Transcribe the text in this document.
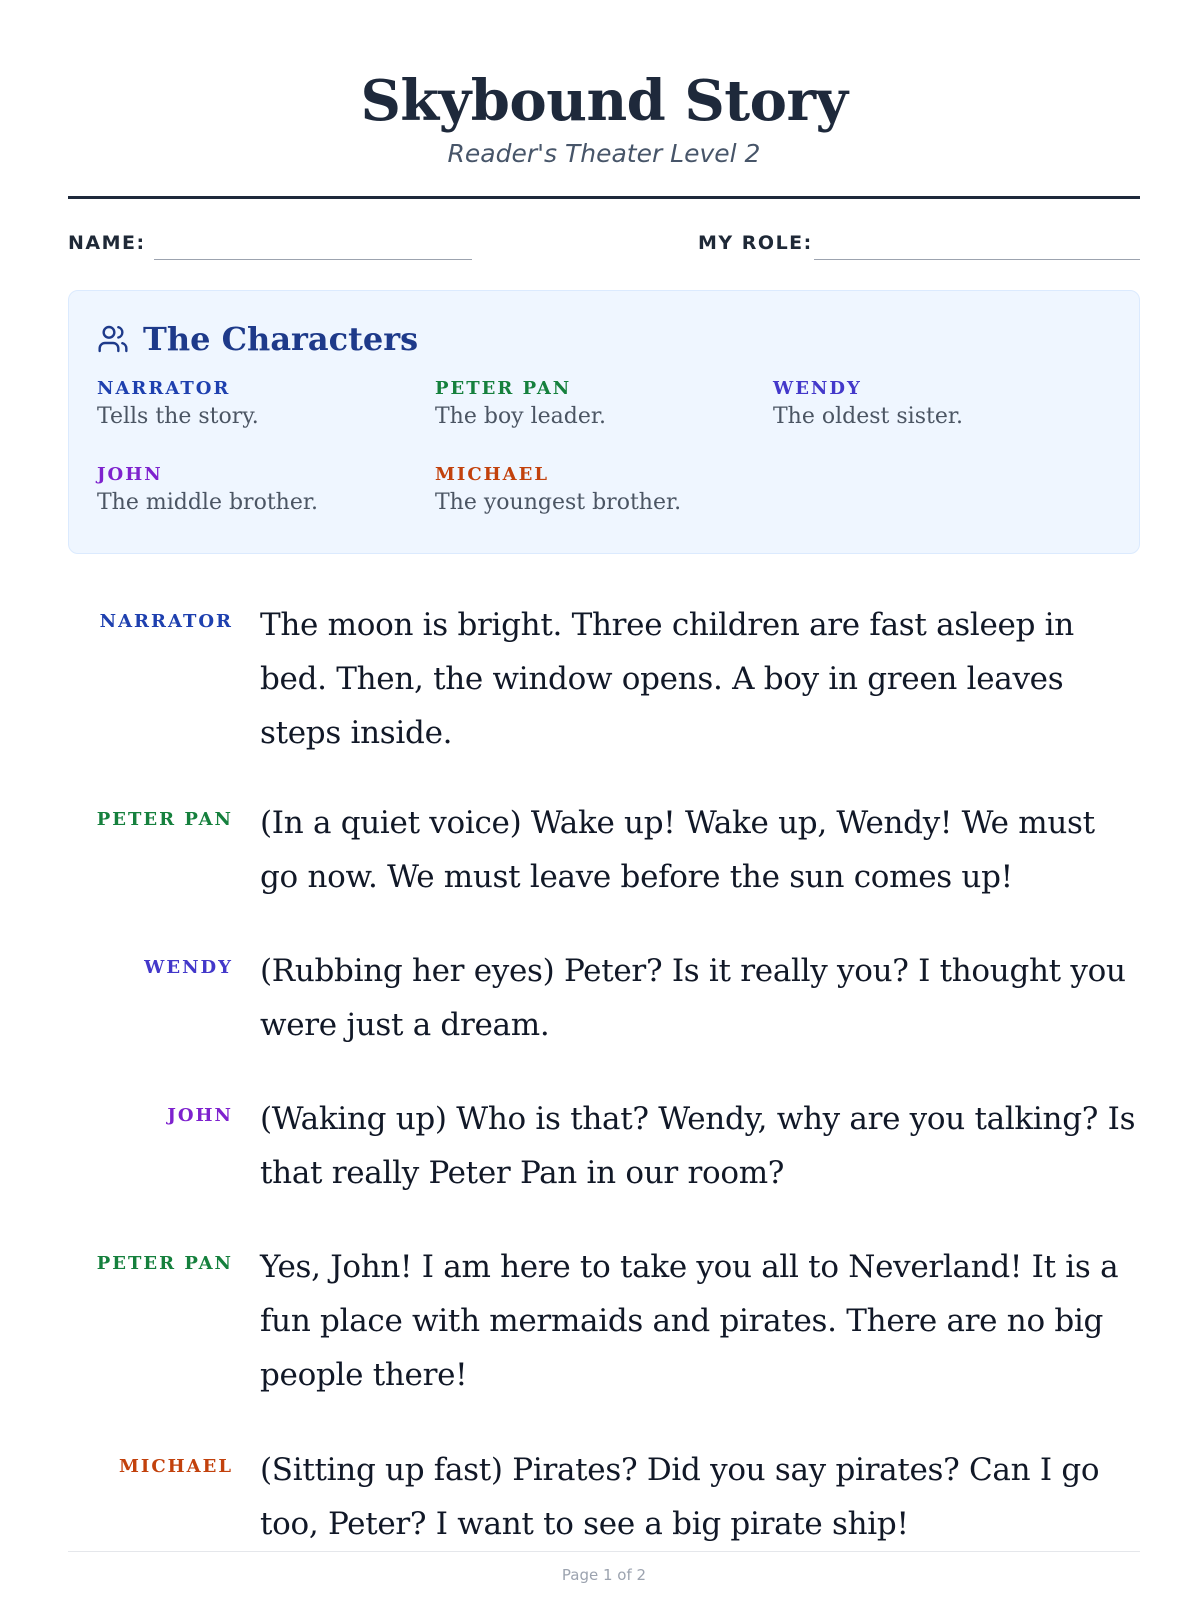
Skybound Story
Reader's Theater Level 2
NAME:	MY ROLE:
The Characters
NARRATOR
Tells the story.
PETER PAN
The boy leader.
WENDY
The oldest sister.
JOHN
The middle brother.
MICHAEL
The youngest brother.
NARRATOR The moon is bright. Three children are fast asleep in bed. Then, the window opens. A boy in green leaves steps inside.
PETER PAN (In a quiet voice) Wake up! Wake up, Wendy! We must go now. We must leave before the sun comes up!
WENDY (Rubbing her eyes) Peter? Is it really you? I thought you were just a dream.
JOHN (Waking up) Who is that? Wendy, why are you talking? Is that really Peter Pan in our room?
PETER PAN Yes, John! I am here to take you all to Neverland! It is a fun place with mermaids and pirates. There are no big people there!
MICHAEL (Sitting up fast) Pirates? Did you say pirates? Can I go too, Peter? I want to see a big pirate ship!
Page 1 of 2
